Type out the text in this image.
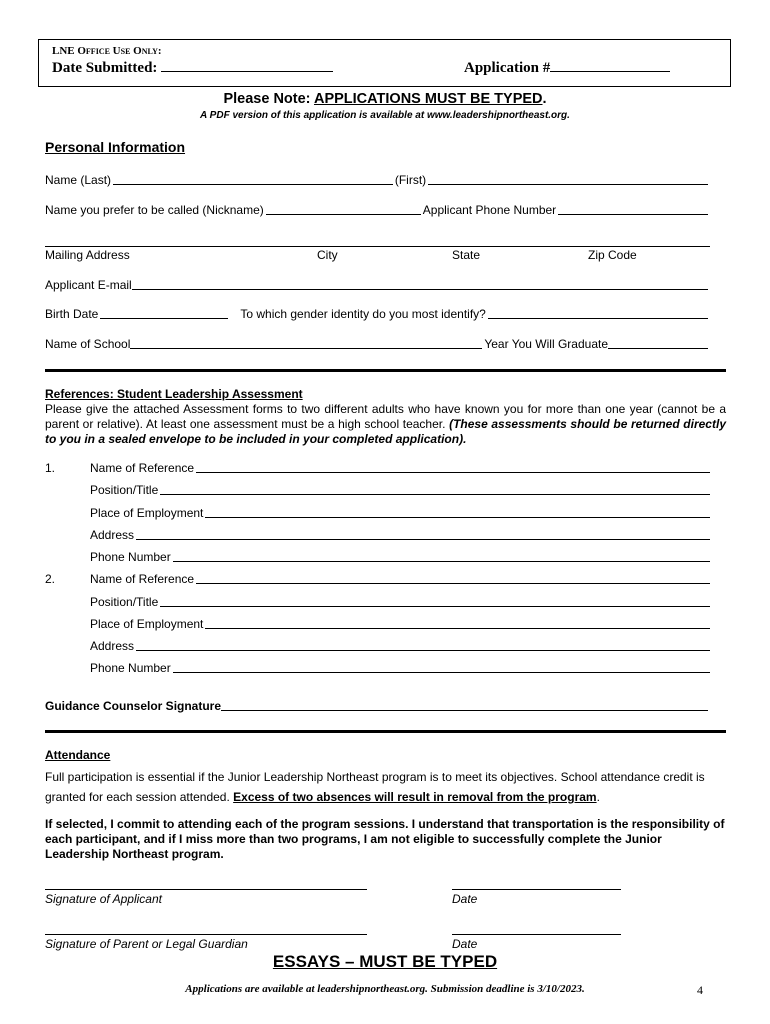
LNE Office Use Only:
Date Submitted:	Application #
Please Note: APPLICATIONS MUST BE TYPED.
A PDF version of this application is available at www.leadershipnortheast.org.
Personal Information
Name (Last)	(First)
Name you prefer to be called (Nickname)	Applicant Phone Number
Mailing Address	City	State	Zip Code
Applicant E-mail
Birth Date	To which gender identity do you most identify?
Name of School	Year You Will Graduate
References: Student Leadership Assessment
Please give the attached Assessment forms to two different adults who have known you for more than one year (cannot be a parent or relative). At least one assessment must be a high school teacher. (These assessments should be returned directly to you in a sealed envelope to be included in your completed application).
1.	Name of Reference
Position/Title
Place of Employment
Address
Phone Number
2.	Name of Reference
Position/Title
Place of Employment
Address
Phone Number
Guidance Counselor Signature
Attendance
Full participation is essential if the Junior Leadership Northeast program is to meet its objectives. School attendance credit is granted for each session attended. Excess of two absences will result in removal from the program.
If selected, I commit to attending each of the program sessions. I understand that transportation is the responsibility of each participant, and if I miss more than two programs, I am not eligible to successfully complete the Junior Leadership Northeast program.
Signature of Applicant	Date
Signature of Parent or Legal Guardian	Date
ESSAYS – MUST BE TYPED
Applications are available at leadershipnortheast.org. Submission deadline is 3/10/2023.	4
